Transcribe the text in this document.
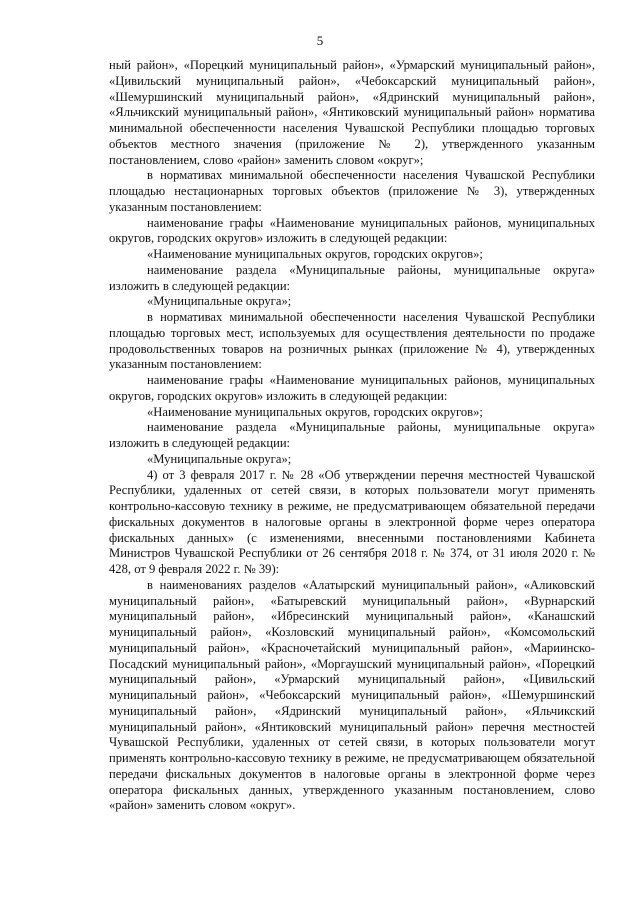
5

ный район», «Порецкий муниципальный район», «Урмарский муниципальный район», «Цивильский муниципальный район», «Чебоксарский муниципальный район», «Шемуршинский муниципальный район», «Ядринский муниципальный район», «Яльчикский муниципальный район», «Янтиковский муниципальный район» норматива минимальной обеспеченности населения Чувашской Республики площадью торговых объектов местного значения (приложение № 2), утвержденного указанным постановлением, слово «район» заменить словом «округ»;

в нормативах минимальной обеспеченности населения Чувашской Республики площадью нестационарных торговых объектов (приложение № 3), утвержденных указанным постановлением:

наименование графы «Наименование муниципальных районов, муниципальных округов, городских округов» изложить в следующей редакции:

«Наименование муниципальных округов, городских округов»;

наименование раздела «Муниципальные районы, муниципальные округа» изложить в следующей редакции:

«Муниципальные округа»;

в нормативах минимальной обеспеченности населения Чувашской Республики площадью торговых мест, используемых для осуществления деятельности по продаже продовольственных товаров на розничных рынках (приложение № 4), утвержденных указанным постановлением:

наименование графы «Наименование муниципальных районов, муниципальных округов, городских округов» изложить в следующей редакции:

«Наименование муниципальных округов, городских округов»;

наименование раздела «Муниципальные районы, муниципальные округа» изложить в следующей редакции:

«Муниципальные округа»;

4) от 3 февраля 2017 г. № 28 «Об утверждении перечня местностей Чувашской Республики, удаленных от сетей связи, в которых пользователи могут применять контрольно-кассовую технику в режиме, не предусматривающем обязательной передачи фискальных документов в налоговые органы в электронной форме через оператора фискальных данных» (с изменениями, внесенными постановлениями Кабинета Министров Чувашской Республики от 26 сентября 2018 г. № 374, от 31 июля 2020 г. № 428, от 9 февраля 2022 г. № 39):

в наименованиях разделов «Алатырский муниципальный район», «Аликовский муниципальный район», «Батыревский муниципальный район», «Вурнарский муниципальный район», «Ибресинский муниципальный район», «Канашский муниципальный район», «Козловский муниципальный район», «Комсомольский муниципальный район», «Красночетайский муниципальный район», «Мариинско-Посадский муниципальный район», «Моргаушский муниципальный район», «Порецкий муниципальный район», «Урмарский муниципальный район», «Цивильский муниципальный район», «Чебоксарский муниципальный район», «Шемуршинский муниципальный район», «Ядринский муниципальный район», «Яльчикский муниципальный район», «Янтиковский муниципальный район» перечня местностей Чувашской Республики, удаленных от сетей связи, в которых пользователи могут применять контрольно-кассовую технику в режиме, не предусматривающем обязательной передачи фискальных документов в налоговые органы в электронной форме через оператора фискальных данных, утвержденного указанным постановлением, слово «район» заменить словом «округ».
